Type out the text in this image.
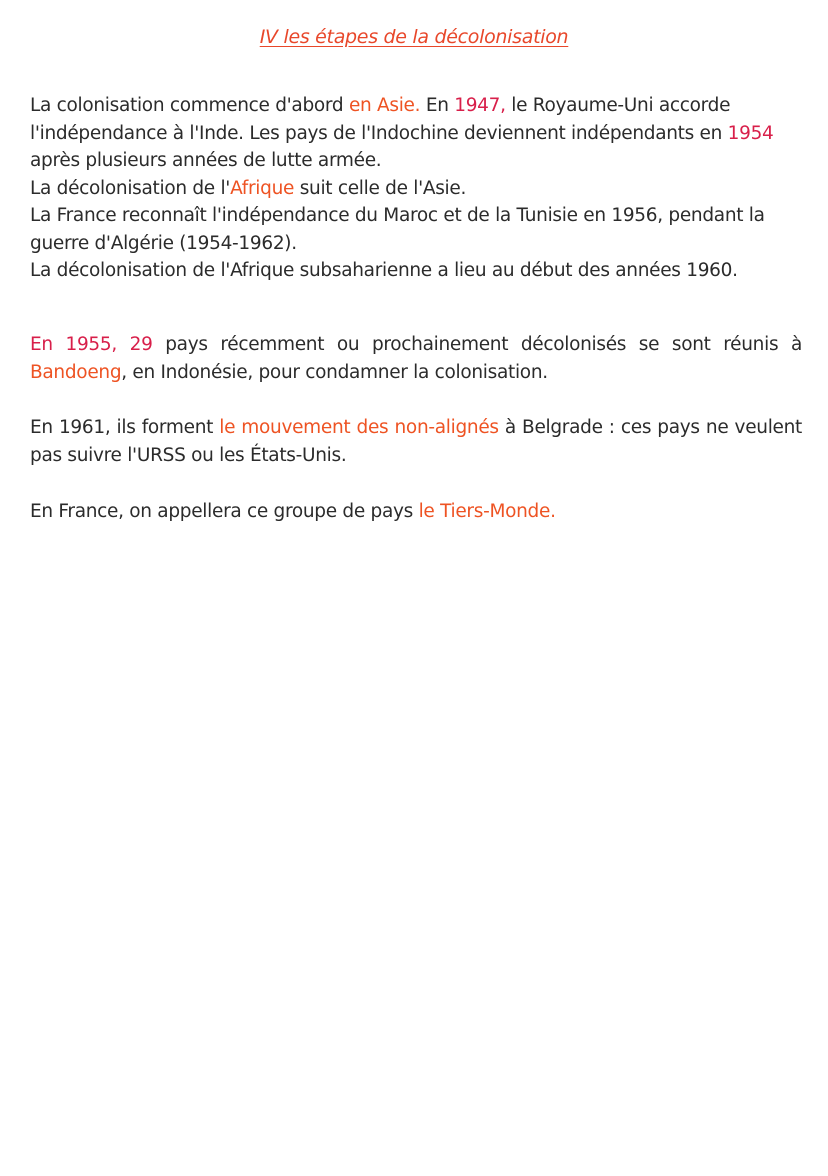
IV les étapes de la décolonisation

La colonisation commence d'abord en Asie. En 1947, le Royaume-Uni accorde l'indépendance à l'Inde. Les pays de l'Indochine deviennent indépendants en 1954 après plusieurs années de lutte armée.

La décolonisation de l'Afrique suit celle de l'Asie.

La France reconnaît l'indépendance du Maroc et de la Tunisie en 1956, pendant la guerre d'Algérie (1954-1962).

La décolonisation de l'Afrique subsaharienne a lieu au début des années 1960.

En 1955, 29 pays récemment ou prochainement décolonisés se sont réunis à Bandoeng, en Indonésie, pour condamner la colonisation.

En 1961, ils forment le mouvement des non-alignés à Belgrade : ces pays ne veulent pas suivre l'URSS ou les États-Unis.

En France, on appellera ce groupe de pays le Tiers-Monde.
